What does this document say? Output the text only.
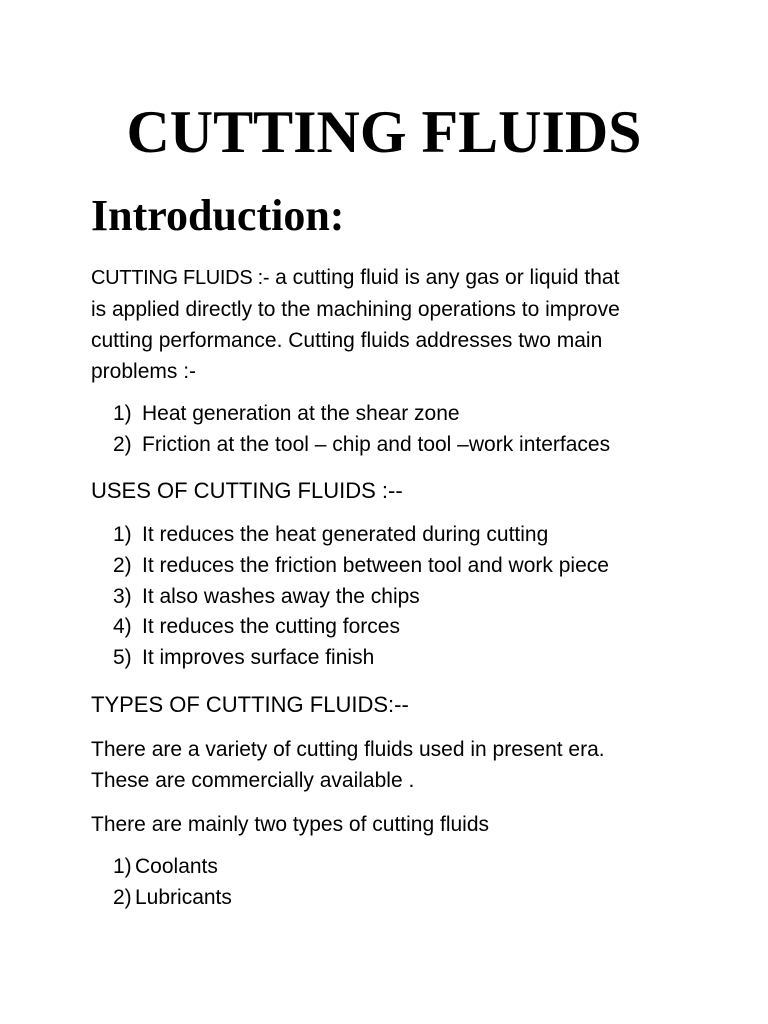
CUTTING FLUIDS
Introduction:

CUTTING FLUIDS :- a cutting fluid is any gas or liquid that
is applied directly to the machining operations to improve
cutting performance. Cutting fluids addresses two main
problems :-

1) Heat generation at the shear zone
2) Friction at the tool – chip and tool –work interfaces
USES OF CUTTING FLUIDS :--
1) It reduces the heat generated during cutting
2) It reduces the friction between tool and work piece
3) It also washes away the chips
4) It reduces the cutting forces
5) It improves surface finish
TYPES OF CUTTING FLUIDS:--

There are a variety of cutting fluids used in present era.
These are commercially available .

There are mainly two types of cutting fluids

1) Coolants
2) Lubricants
